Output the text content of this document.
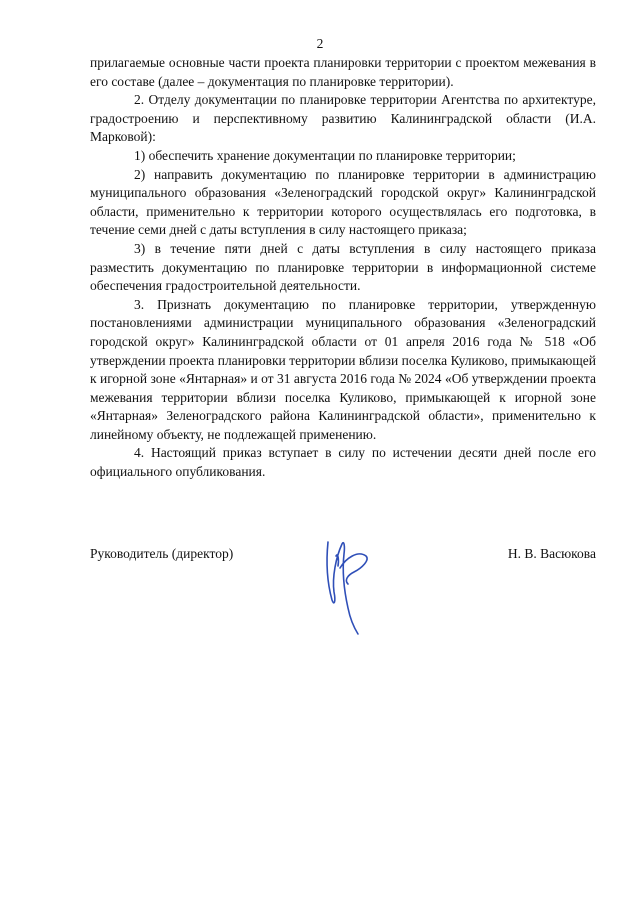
2

прилагаемые основные части проекта планировки территории с проектом межевания в его составе (далее – документация по планировке территории).

2. Отделу документации по планировке территории Агентства по архитектуре, градостроению и перспективному развитию Калининградской области (И.А. Марковой):

1) обеспечить хранение документации по планировке территории;

2) направить документацию по планировке территории в администрацию муниципального образования «Зеленоградский городской округ» Калининградской области, применительно к территории которого осуществлялась его подготовка, в течение семи дней с даты вступления в силу настоящего приказа;

3) в течение пяти дней с даты вступления в силу настоящего приказа разместить документацию по планировке территории в информационной системе обеспечения градостроительной деятельности.

3. Признать документацию по планировке территории, утвержденную постановлениями администрации муниципального образования «Зеленоградский городской округ» Калининградской области от 01 апреля 2016 года № 518 «Об утверждении проекта планировки территории вблизи поселка Куликово, примыкающей к игорной зоне «Янтарная» и от 31 августа 2016 года № 2024 «Об утверждении проекта межевания территории вблизи поселка Куликово, примыкающей к игорной зоне «Янтарная» Зеленоградского района Калининградской области», применительно к линейному объекту, не подлежащей применению.

4. Настоящий приказ вступает в силу по истечении десяти дней после его официального опубликования.

Руководитель (директор)	Н. В. Васюкова
